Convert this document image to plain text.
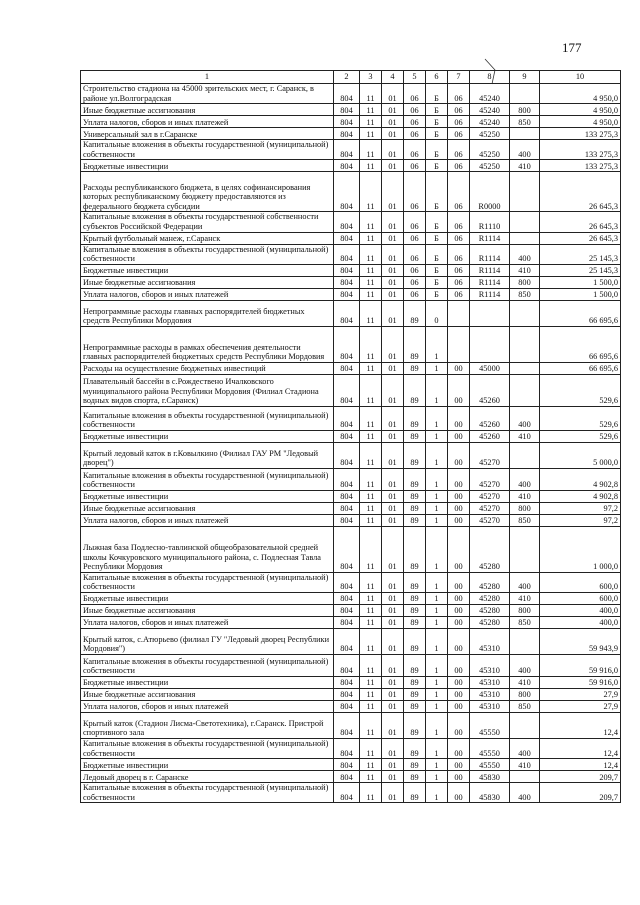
177
1	2	3	4	5	6	7	8	9	10
Строительство стадиона на 45000 зрительских мест, г. Саранск, в районе ул.Волгоградская	804	11	01	06	Б	06	45240		4 950,0
Иные бюджетные ассигнования	804	11	01	06	Б	06	45240	800	4 950,0
Уплата налогов, сборов и иных платежей	804	11	01	06	Б	06	45240	850	4 950,0
Универсальный зал в г.Саранске	804	11	01	06	Б	06	45250		133 275,3
Капитальные вложения в объекты государственной (муниципальной) собственности	804	11	01	06	Б	06	45250	400	133 275,3
Бюджетные инвестиции	804	11	01	06	Б	06	45250	410	133 275,3
Расходы республиканского бюджета, в целях софинансирования которых республиканскому бюджету предоставляются из федерального бюджета субсидии	804	11	01	06	Б	06	R0000		26 645,3
Капитальные вложения в объекты государственной собственности субъектов Российской Федерации	804	11	01	06	Б	06	R1110		26 645,3
Крытый футбольный манеж, г.Саранск	804	11	01	06	Б	06	R1114		26 645,3
Капитальные вложения в объекты государственной (муниципальной) собственности	804	11	01	06	Б	06	R1114	400	25 145,3
Бюджетные инвестиции	804	11	01	06	Б	06	R1114	410	25 145,3
Иные бюджетные ассигнования	804	11	01	06	Б	06	R1114	800	1 500,0
Уплата налогов, сборов и иных платежей	804	11	01	06	Б	06	R1114	850	1 500,0
Непрограммные расходы главных распорядителей бюджетных средств Республики Мордовия	804	11	01	89	0				66 695,6
Непрограммные расходы в рамках обеспечения деятельности главных распорядителей бюджетных средств Республики Мордовия	804	11	01	89	1				66 695,6
Расходы на осуществление бюджетных инвестиций	804	11	01	89	1	00	45000		66 695,6
Плавательный бассейн в с.Рождествено Ичалковского муниципального района Республики Мордовия (Филиал Стадиона водных видов спорта, г.Саранск)	804	11	01	89	1	00	45260		529,6
Капитальные вложения в объекты государственной (муниципальной) собственности	804	11	01	89	1	00	45260	400	529,6
Бюджетные инвестиции	804	11	01	89	1	00	45260	410	529,6
Крытый ледовый каток в г.Ковылкино (Филиал ГАУ РМ "Ледовый дворец")	804	11	01	89	1	00	45270		5 000,0
Капитальные вложения в объекты государственной (муниципальной) собственности	804	11	01	89	1	00	45270	400	4 902,8
Бюджетные инвестиции	804	11	01	89	1	00	45270	410	4 902,8
Иные бюджетные ассигнования	804	11	01	89	1	00	45270	800	97,2
Уплата налогов, сборов и иных платежей	804	11	01	89	1	00	45270	850	97,2
Лыжная база Подлесно-тавлинской общеобразовательной средней школы Кочкуровского муниципального района, с. Подлесная Тавла Республики Мордовия	804	11	01	89	1	00	45280		1 000,0
Капитальные вложения в объекты государственной (муниципальной) собственности	804	11	01	89	1	00	45280	400	600,0
Бюджетные инвестиции	804	11	01	89	1	00	45280	410	600,0
Иные бюджетные ассигнования	804	11	01	89	1	00	45280	800	400,0
Уплата налогов, сборов и иных платежей	804	11	01	89	1	00	45280	850	400,0
Крытый каток, с.Атюрьево (филиал ГУ "Ледовый дворец Республики Мордовия")	804	11	01	89	1	00	45310		59 943,9
Капитальные вложения в объекты государственной (муниципальной) собственности	804	11	01	89	1	00	45310	400	59 916,0
Бюджетные инвестиции	804	11	01	89	1	00	45310	410	59 916,0
Иные бюджетные ассигнования	804	11	01	89	1	00	45310	800	27,9
Уплата налогов, сборов и иных платежей	804	11	01	89	1	00	45310	850	27,9
Крытый каток (Стадион Лисма-Светотехника), г.Саранск. Пристрой спортивного зала	804	11	01	89	1	00	45550		12,4
Капитальные вложения в объекты государственной (муниципальной) собственности	804	11	01	89	1	00	45550	400	12,4
Бюджетные инвестиции	804	11	01	89	1	00	45550	410	12,4
Ледовый дворец в г. Саранске	804	11	01	89	1	00	45830		209,7
Капитальные вложения в объекты государственной (муниципальной) собственности	804	11	01	89	1	00	45830	400	209,7
